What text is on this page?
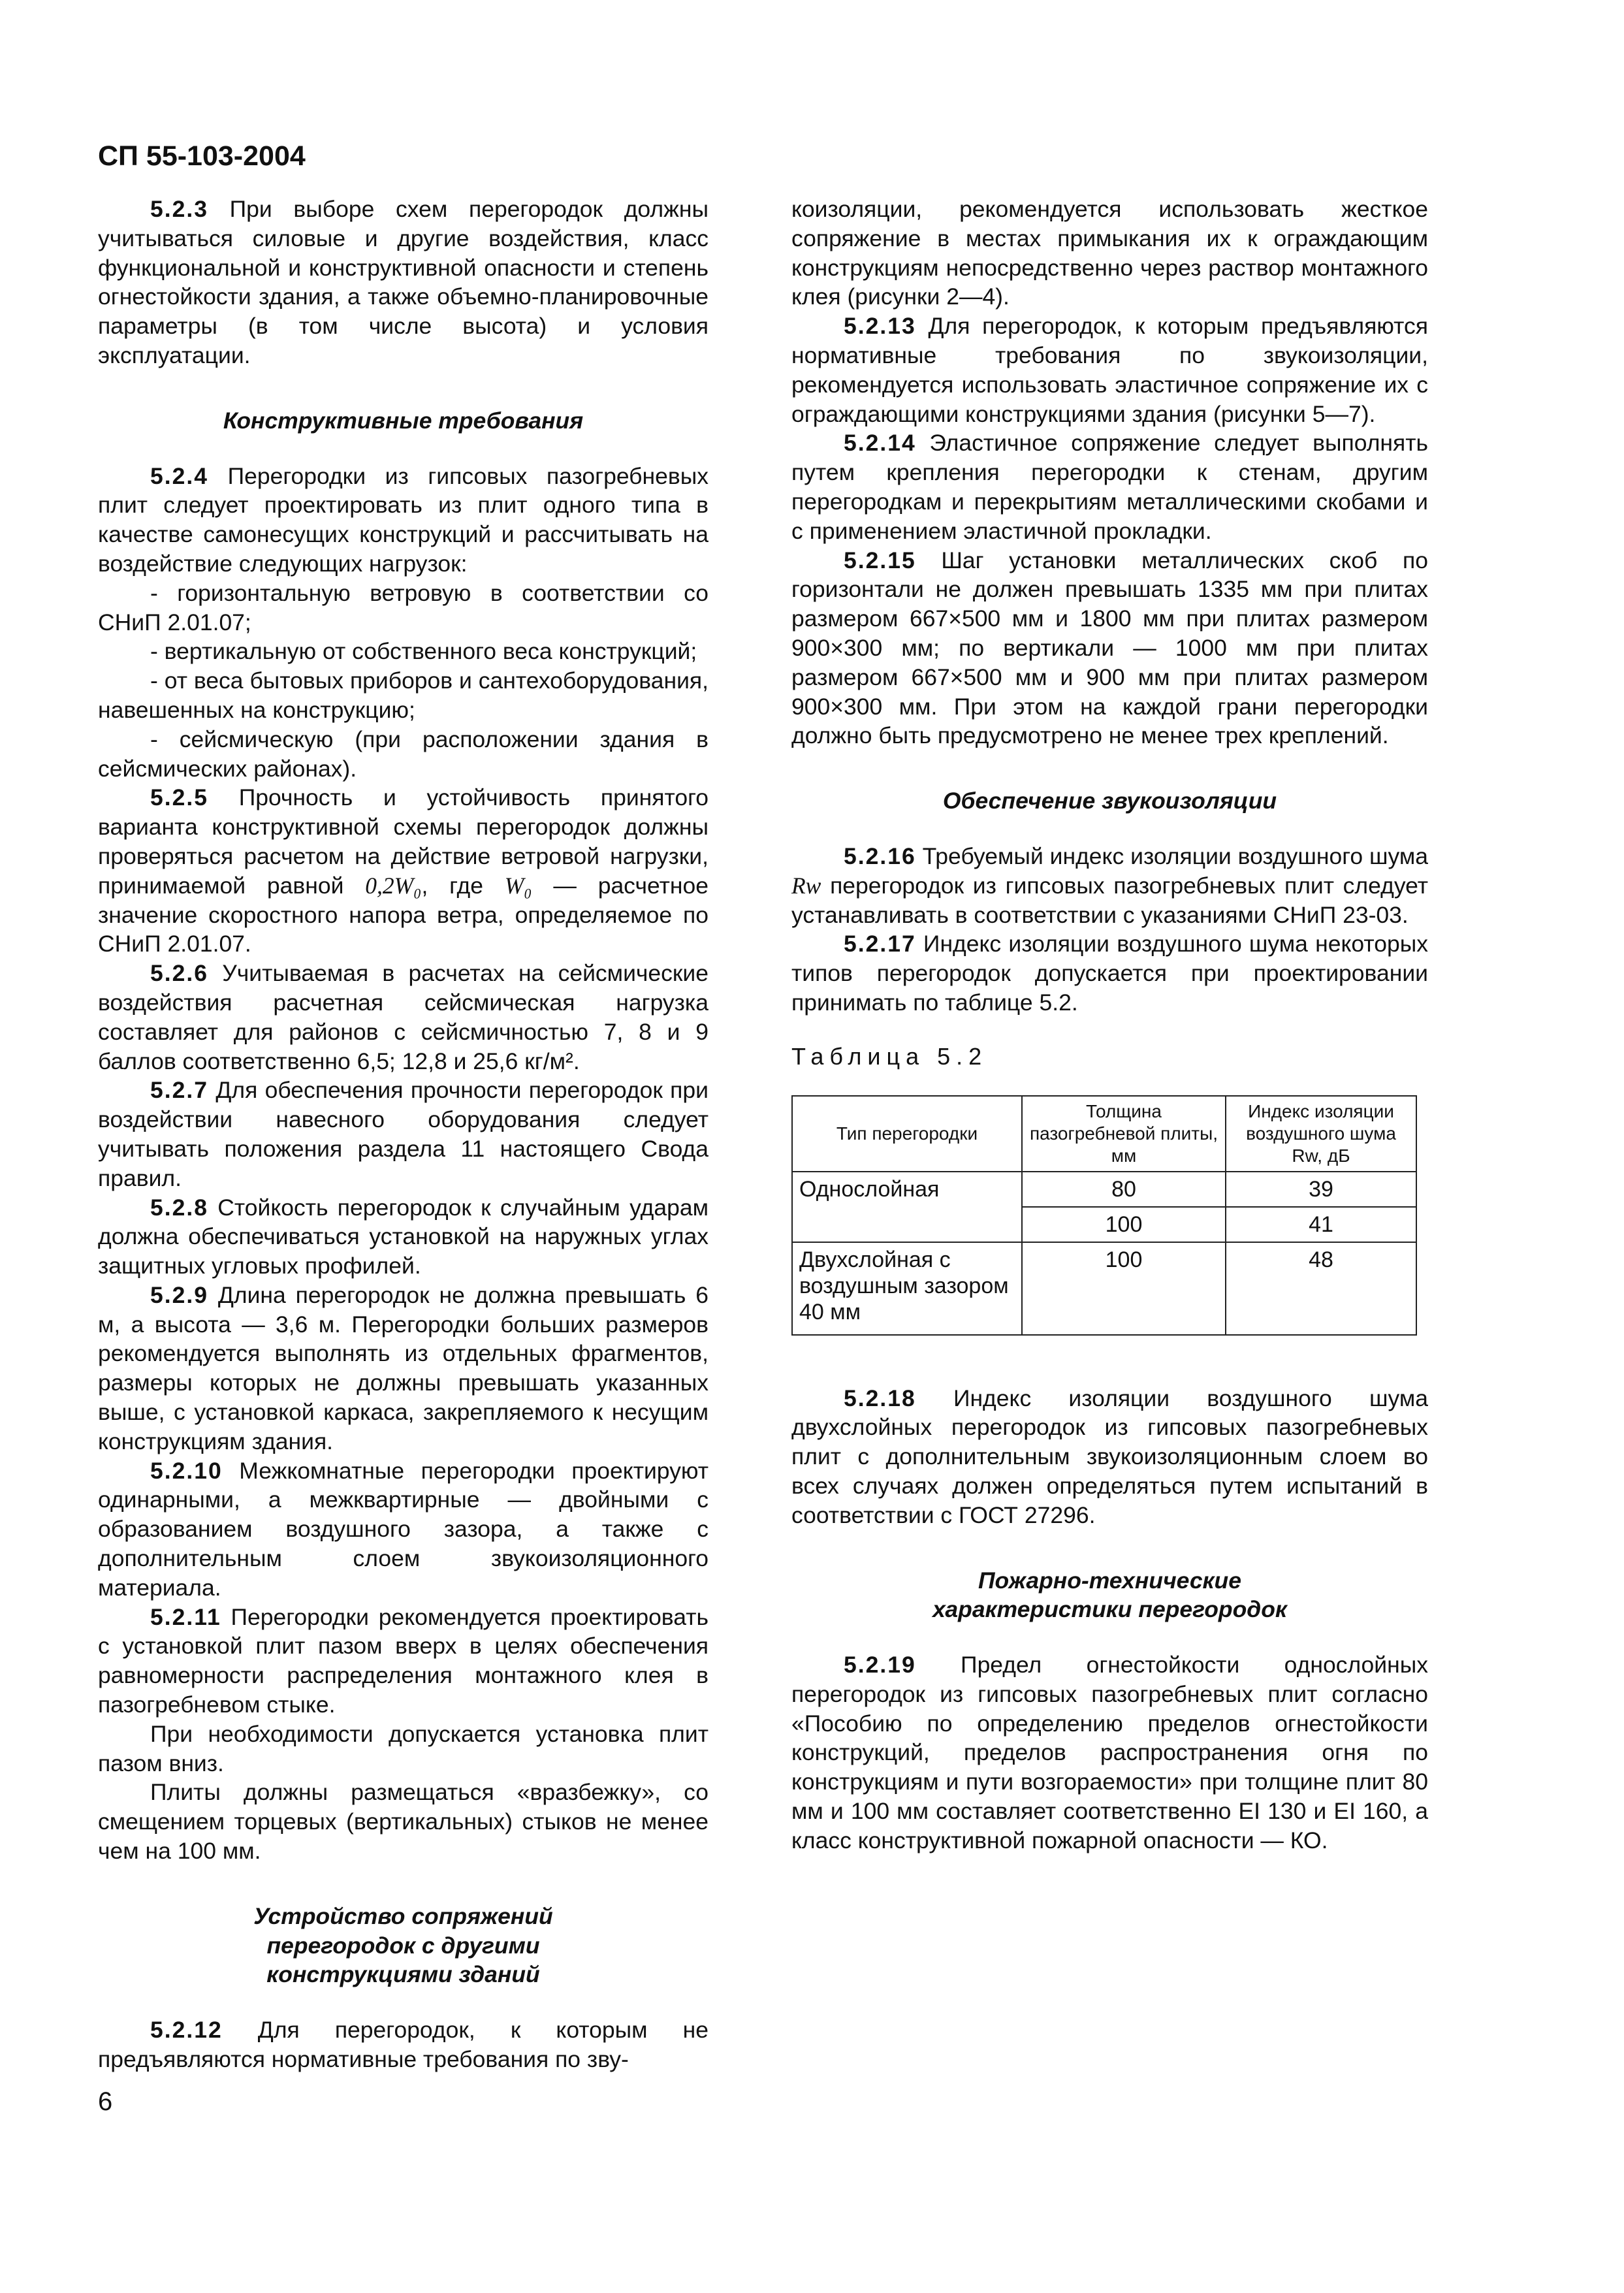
СП 55-103-2004

5.2.3 При выборе схем перегородок должны учитываться силовые и другие воздействия, класс функциональной и конструктивной опасности и степень огнестойкости здания, а также объемно-планировочные параметры (в том числе высота) и условия эксплуатации.

Конструктивные требования

5.2.4 Перегородки из гипсовых пазогребневых плит следует проектировать из плит одного типа в качестве самонесущих конструкций и рассчитывать на воздействие следующих нагрузок:

- горизонтальную ветровую в соответствии со СНиП 2.01.07;

- вертикальную от собственного веса конструкций;

- от веса бытовых приборов и сантехоборудования, навешенных на конструкцию;

- сейсмическую (при расположении здания в сейсмических районах).

5.2.5 Прочность и устойчивость принятого варианта конструктивной схемы перегородок должны проверяться расчетом на действие ветровой нагрузки, принимаемой равной 0,2W₀, где W₀ — расчетное значение скоростного напора ветра, определяемое по СНиП 2.01.07.

5.2.6 Учитываемая в расчетах на сейсмические воздействия расчетная сейсмическая нагрузка составляет для районов с сейсмичностью 7, 8 и 9 баллов соответственно 6,5; 12,8 и 25,6 кг/м².

5.2.7 Для обеспечения прочности перегородок при воздействии навесного оборудования следует учитывать положения раздела 11 настоящего Свода правил.

5.2.8 Стойкость перегородок к случайным ударам должна обеспечиваться установкой на наружных углах защитных угловых профилей.

5.2.9 Длина перегородок не должна превышать 6 м, а высота — 3,6 м. Перегородки больших размеров рекомендуется выполнять из отдельных фрагментов, размеры которых не должны превышать указанных выше, с установкой каркаса, закрепляемого к несущим конструкциям здания.

5.2.10 Межкомнатные перегородки проектируют одинарными, а межквартирные — двойными с образованием воздушного зазора, а также с дополнительным слоем звукоизоляционного материала.

5.2.11 Перегородки рекомендуется проектировать с установкой плит пазом вверх в целях обеспечения равномерности распределения монтажного клея в пазогребневом стыке.

При необходимости допускается установка плит пазом вниз.

Плиты должны размещаться «вразбежку», со смещением торцевых (вертикальных) стыков не менее чем на 100 мм.

Устройство сопряжений

перегородок с другими

конструкциями зданий

5.2.12 Для перегородок, к которым не предъявляются нормативные требования по зву-

коизоляции, рекомендуется использовать жесткое сопряжение в местах примыкания их к ограждающим конструкциям непосредственно через раствор монтажного клея (рисунки 2—4).

5.2.13 Для перегородок, к которым предъявляются нормативные требования по звукоизоляции, рекомендуется использовать эластичное сопряжение их с ограждающими конструкциями здания (рисунки 5—7).

5.2.14 Эластичное сопряжение следует выполнять путем крепления перегородки к стенам, другим перегородкам и перекрытиям металлическими скобами и с применением эластичной прокладки.

5.2.15 Шаг установки металлических скоб по горизонтали не должен превышать 1335 мм при плитах размером 667×500 мм и 1800 мм при плитах размером 900×300 мм; по вертикали — 1000 мм при плитах размером 667×500 мм и 900 мм при плитах размером 900×300 мм. При этом на каждой грани перегородки должно быть предусмотрено не менее трех креплений.

Обеспечение звукоизоляции

5.2.16 Требуемый индекс изоляции воздушного шума Rw перегородок из гипсовых пазогребневых плит следует устанавливать в соответствии с указаниями СНиП 23-03.

5.2.17 Индекс изоляции воздушного шума некоторых типов перегородок допускается при проектировании принимать по таблице 5.2.

Таблица 5.2

Тип перегородки	Толщина пазогребневой плиты, мм	Индекс изоляции воздушного шума Rw, дБ
Однослойная	80	39
	100	41
Двухслойная с воздушным зазором 40 мм	100	48

5.2.18 Индекс изоляции воздушного шума двухслойных перегородок из гипсовых пазогребневых плит с дополнительным звукоизоляционным слоем во всех случаях должен определяться путем испытаний в соответствии с ГОСТ 27296.

Пожарно-технические

характеристики перегородок

5.2.19 Предел огнестойкости однослойных перегородок из гипсовых пазогребневых плит согласно «Пособию по определению пределов огнестойкости конструкций, пределов распространения огня по конструкциям и пути возгораемости» при толщине плит 80 мм и 100 мм составляет соответственно EI 130 и EI 160, а класс конструктивной пожарной опасности — КО.

6
